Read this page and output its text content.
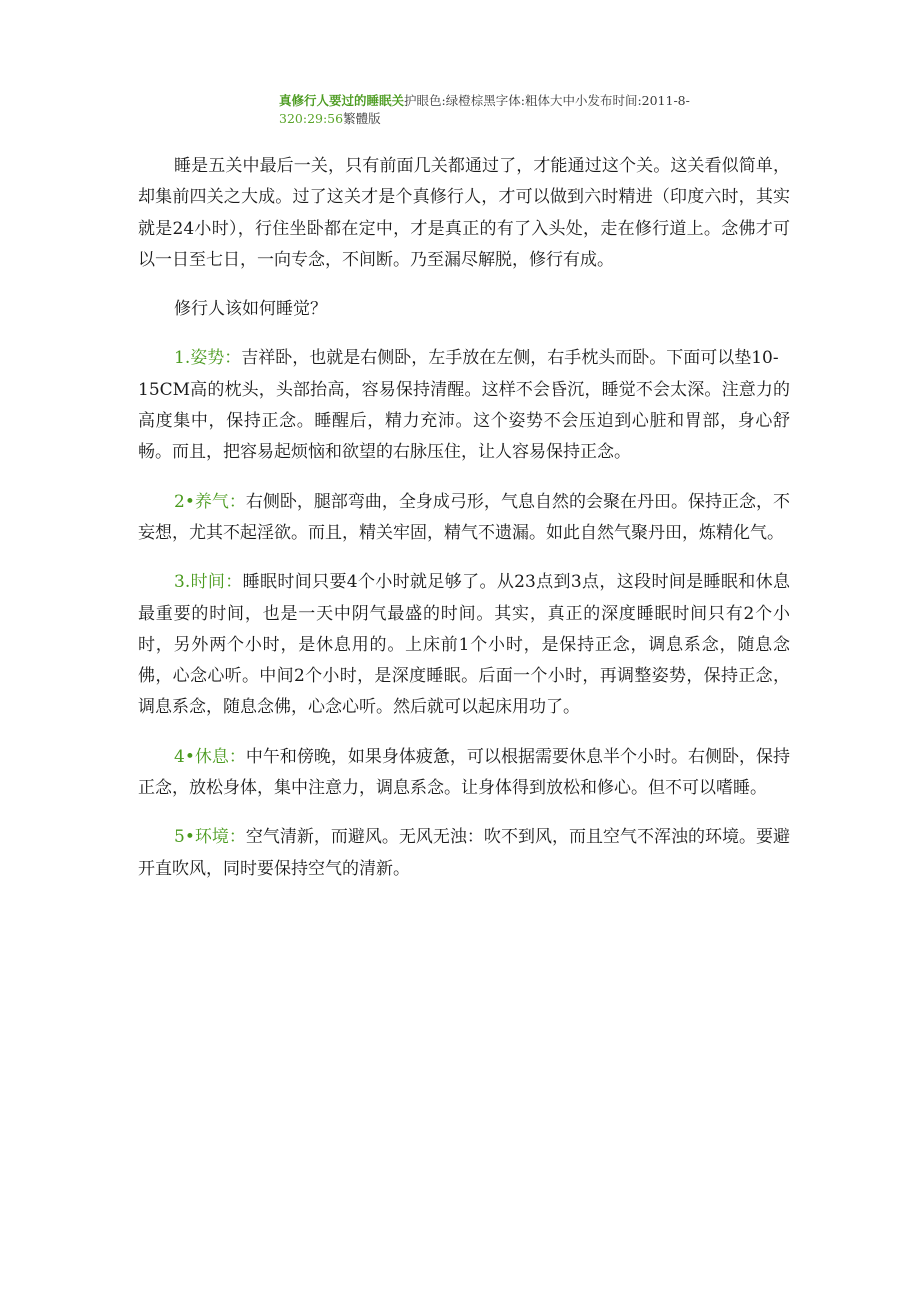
真修行人要过的睡眠关护眼色:绿橙棕黑字体:粗体大中小发布时间:2011-8-
320:29:56繁體版

睡是五关中最后一关，只有前面几关都通过了，才能通过这个关。这关看似简单，却集前四关之大成。过了这关才是个真修行人，才可以做到六时精进（印度六时，其实就是24小时），行住坐卧都在定中，才是真正的有了入头处，走在修行道上。念佛才可以一日至七日，一向专念，不间断。乃至漏尽解脱，修行有成。

修行人该如何睡觉？

1.姿势：吉祥卧，也就是右侧卧，左手放在左侧，右手枕头而卧。下面可以垫10-
15CM高的枕头，头部抬高，容易保持清醒。这样不会昏沉，睡觉不会太深。注意力的高度集中，保持正念。睡醒后，精力充沛。这个姿势不会压迫到心脏和胃部，身心舒畅。而且，把容易起烦恼和欲望的右脉压住，让人容易保持正念。

2•养气：右侧卧，腿部弯曲，全身成弓形，气息自然的会聚在丹田。保持正念，不妄想，尤其不起淫欲。而且，精关牢固，精气不遗漏。如此自然气聚丹田，炼精化气。

3.时间：睡眠时间只要4个小时就足够了。从23点到3点，这段时间是睡眠和休息最重要的时间，也是一天中阴气最盛的时间。其实，真正的深度睡眠时间只有2个小时，另外两个小时，是休息用的。上床前1个小时，是保持正念，调息系念，随息念佛，心念心听。中间2个小时，是深度睡眠。后面一个小时，再调整姿势，保持正念，调息系念，随息念佛，心念心听。然后就可以起床用功了。

4•休息：中午和傍晚，如果身体疲惫，可以根据需要休息半个小时。右侧卧，保持正念，放松身体，集中注意力，调息系念。让身体得到放松和修心。但不可以嗜睡。

5•环境：空气清新，而避风。无风无浊：吹不到风，而且空气不浑浊的环境。要避开直吹风，同时要保持空气的清新。
